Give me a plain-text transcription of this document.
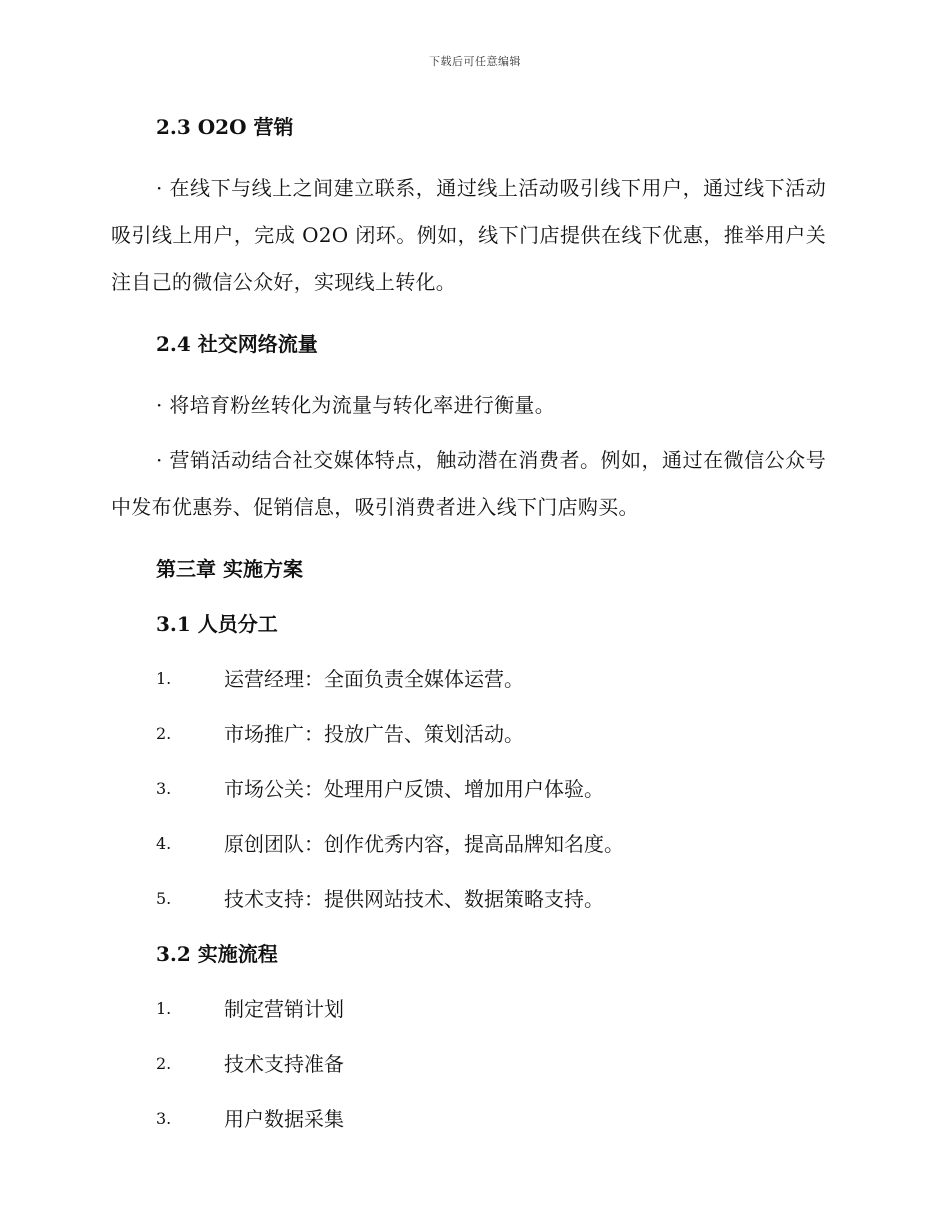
下载后可任意编辑

2.3 O2O 营销

· 在线下与线上之间建立联系，通过线上活动吸引线下用户，通过线下活动吸引线上用户，完成 O2O 闭环。例如，线下门店提供在线下优惠，推举用户关注自己的微信公众好，实现线上转化。

2.4 社交网络流量

· 将培育粉丝转化为流量与转化率进行衡量。

· 营销活动结合社交媒体特点，触动潜在消费者。例如，通过在微信公众号中发布优惠券、促销信息，吸引消费者进入线下门店购买。

第三章 实施方案

3.1 人员分工

1.	运营经理：全面负责全媒体运营。
2.	市场推广：投放广告、策划活动。
3.	市场公关：处理用户反馈、增加用户体验。
4.	原创团队：创作优秀内容，提高品牌知名度。
5.	技术支持：提供网站技术、数据策略支持。

3.2 实施流程

1.	制定营销计划
2.	技术支持准备
3.	用户数据采集
